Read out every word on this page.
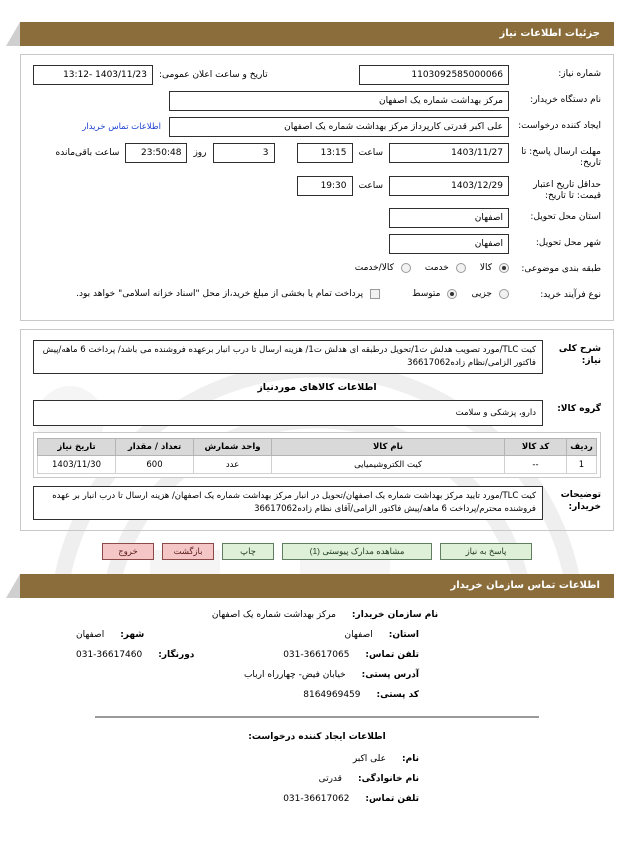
جزئیات اطلاعات نیاز
شماره نیاز:
1103092585000066
تاریخ و ساعت اعلان عمومی:
1403/11/23 -13:12
نام دستگاه خریدار:
مرکز بهداشت شماره یک اصفهان
ایجاد کننده درخواست:
علی اکبر قدرتی کارپرداز مرکز بهداشت شماره یک اصفهان
اطلاعات تماس خریدار
مهلت ارسال پاسخ: تا تاریخ:
1403/11/27
ساعت
13:15
3
روز
23:50:48
ساعت باقی‌مانده
حداقل تاریخ اعتبار قیمت: تا تاریخ:
1403/12/29
ساعت
19:30
استان محل تحویل:
اصفهان
شهر محل تحویل:
اصفهان
طبقه بندی موضوعی:
کالا
خدمت
کالا/خدمت
نوع فرآیند خرید:
جزیی
متوسط
پرداخت تمام یا بخشی از مبلغ خرید،از محل "اسناد خزانه اسلامی" خواهد بود.
شرح کلی نیاز:
کیت TLC/مورد تصویب هدلش ت1/تحویل درطبقه ای هدلش ت1/ هزینه ارسال تا درب انبار برعهده فروشنده می باشد/ پرداخت 6 ماهه/پیش فاکتور الزامی/نظام زاده36617062
اطلاعات کالاهای موردنیاز
گروه کالا:
دارو، پزشکی و سلامت
ردیف	کد کالا	نام کالا	واحد شمارش	تعداد / مقدار	تاریخ نیاز
1	--	کیت الکتروشیمیایی	عدد	600	1403/11/30
توضیحات خریدار:
کیت TLC/مورد تایید مرکز بهداشت شماره یک اصفهان/تحویل در انبار مرکز بهداشت شماره یک اصفهان/ هزینه ارسال تا درب انبار بر عهده فروشنده محترم/پرداخت 6 ماهه/پیش فاکتور الزامی/آقای نظام زاده36617062
پاسخ به نیاز
مشاهده مدارک پیوستی (1)
چاپ
بازگشت
خروج
اطلاعات تماس سازمان خریدار
نام سازمان خریدار:
مرکز بهداشت شماره یک اصفهان
استان:
اصفهان
شهر:
اصفهان
تلفن تماس:
031-36617065
دورنگار:
031-36617460
آدرس پستی:
خیابان فیض- چهارراه ارباب
کد پستی:
8164969459
اطلاعات ایجاد کننده درخواست:
نام:
علی اکبر
نام خانوادگی:
قدرتی
تلفن تماس:
031-36617062
